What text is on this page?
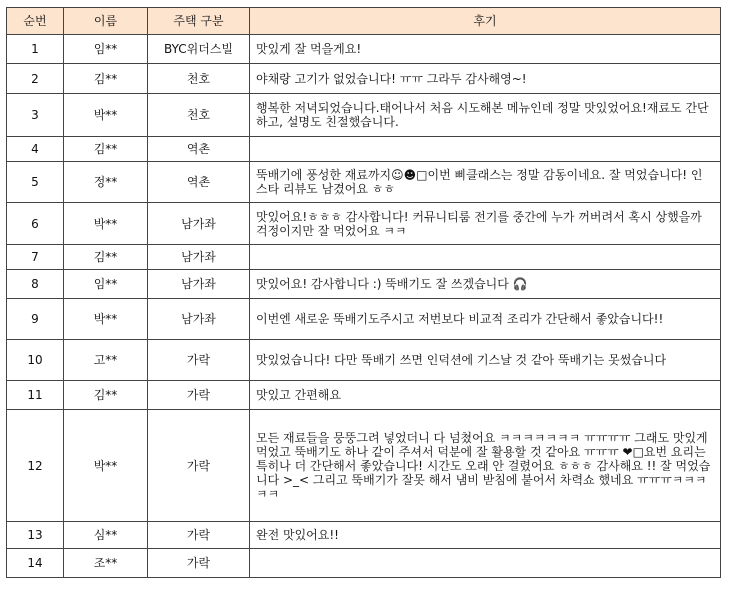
순번	이름	주택 구분	후기
1	임**	BYC위더스빌	맛있게 잘 먹을게요!
2	김**	천호	야채랑 고기가 없었습니다! ㅠㅠ 그라두 감사해영~!
3	박**	천호	행복한 저녁되었습니다.태어나서 처음 시도해본 메뉴인데 정말 맛있었어요!재료도 간단하고, 설명도 친절했습니다.
4	김**	역촌	
5	정**	역촌	뚝배기에 풍성한 재료까지☺☻□이번 삐클래스는 정말 감동이네요. 잘 먹었습니다! 인스타 리뷰도 남겼어요 ㅎㅎ
6	박**	남가좌	맛있어요!ㅎㅎㅎ 감사합니다! 커뮤니티룸 전기를 중간에 누가 꺼버려서 혹시 상했을까 걱정이지만 잘 먹었어요 ㅋㅋ
7	김**	남가좌	
8	임**	남가좌	맛있어요! 감사합니다 :) 뚝배기도 잘 쓰겠습니다 🎧
9	박**	남가좌	이번엔 새로운 뚝배기도주시고 저번보다 비교적 조리가 간단해서 좋았습니다!!
10	고**	가락	맛있었습니다! 다만 뚝배기 쓰면 인덕션에 기스날 것 같아 뚝배기는 못썼습니다
11	김**	가락	맛있고 간편해요
12	박**	가락	모든 재료들을 뭉뚱그려 넣었더니 다 넘쳤어요 ㅋㅋㅋㅋㅋㅋㅋ ㅠㅠㅠㅠ 그래도 맛있게 먹었고 뚝배기도 하나 같이 주셔서 덕분에 잘 활용할 것 같아요 ㅠㅠㅠ ❤□요번 요리는 특히나 더 간단해서 좋았습니다! 시간도 오래 안 걸렸어요 ㅎㅎㅎ 감사해요 !! 잘 먹었습니다 >_< 그리고 뚝배기가 잘못 해서 냄비 받침에 붙어서 차력쇼 했네요 ㅠㅠㅠㅋㅋㅋㅋㅋ
13	심**	가락	완전 맛있어요!!
14	조**	가락	
